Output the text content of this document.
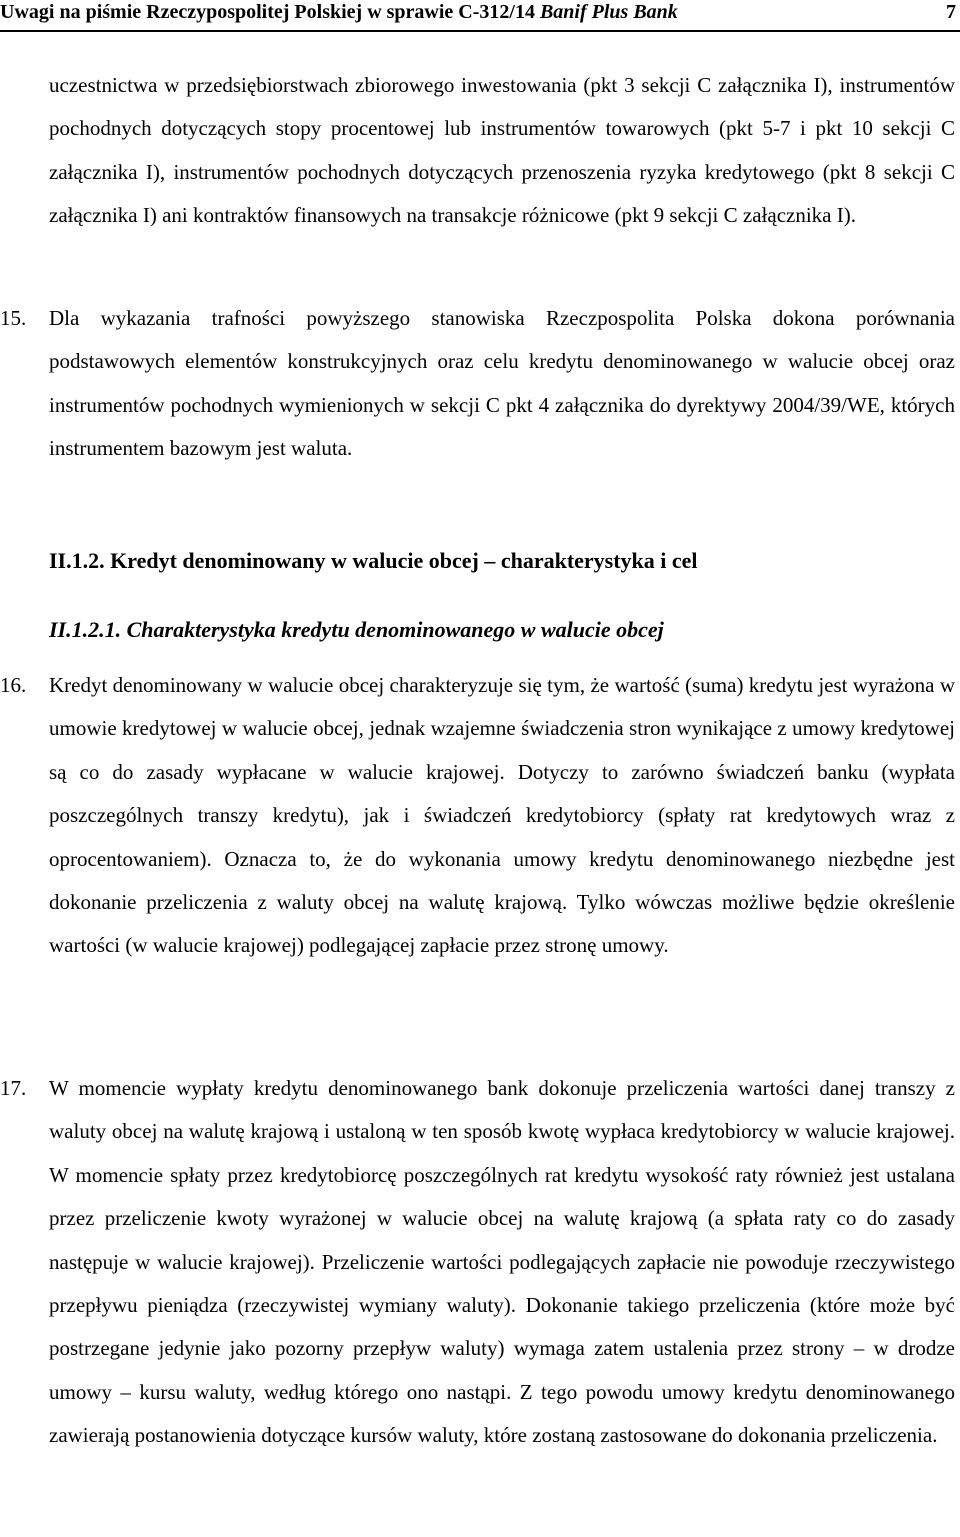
Uwagi na piśmie Rzeczypospolitej Polskiej w sprawie C-312/14 Banif Plus Bank	7

uczestnictwa w przedsiębiorstwach zbiorowego inwestowania (pkt 3 sekcji C załącznika I), instrumentów pochodnych dotyczących stopy procentowej lub instrumentów towarowych (pkt 5-7 i pkt 10 sekcji C załącznika I), instrumentów pochodnych dotyczących przenoszenia ryzyka kredytowego (pkt 8 sekcji C załącznika I) ani kontraktów finansowych na transakcje różnicowe (pkt 9 sekcji C załącznika I).

15.	Dla wykazania trafności powyższego stanowiska Rzeczpospolita Polska dokona porównania podstawowych elementów konstrukcyjnych oraz celu kredytu denominowanego w walucie obcej oraz instrumentów pochodnych wymienionych w sekcji C pkt 4 załącznika do dyrektywy 2004/39/WE, których instrumentem bazowym jest waluta.

II.1.2. Kredyt denominowany w walucie obcej – charakterystyka i cel
II.1.2.1. Charakterystyka kredytu denominowanego w walucie obcej
16.	Kredyt denominowany w walucie obcej charakteryzuje się tym, że wartość (suma) kredytu jest wyrażona w umowie kredytowej w walucie obcej, jednak wzajemne świadczenia stron wynikające z umowy kredytowej są co do zasady wypłacane w walucie krajowej. Dotyczy to zarówno świadczeń banku (wypłata poszczególnych transzy kredytu), jak i świadczeń kredytobiorcy (spłaty rat kredytowych wraz z oprocentowaniem). Oznacza to, że do wykonania umowy kredytu denominowanego niezbędne jest dokonanie przeliczenia z waluty obcej na walutę krajową. Tylko wówczas możliwe będzie określenie wartości (w walucie krajowej) podlegającej zapłacie przez stronę umowy.

17.	W momencie wypłaty kredytu denominowanego bank dokonuje przeliczenia wartości danej transzy z waluty obcej na walutę krajową i ustaloną w ten sposób kwotę wypłaca kredytobiorcy w walucie krajowej. W momencie spłaty przez kredytobiorcę poszczególnych rat kredytu wysokość raty również jest ustalana przez przeliczenie kwoty wyrażonej w walucie obcej na walutę krajową (a spłata raty co do zasady następuje w walucie krajowej). Przeliczenie wartości podlegających zapłacie nie powoduje rzeczywistego przepływu pieniądza (rzeczywistej wymiany waluty). Dokonanie takiego przeliczenia (które może być postrzegane jedynie jako pozorny przepływ waluty) wymaga zatem ustalenia przez strony – w drodze umowy – kursu waluty, według którego ono nastąpi. Z tego powodu umowy kredytu denominowanego zawierają postanowienia dotyczące kursów waluty, które zostaną zastosowane do dokonania przeliczenia.
